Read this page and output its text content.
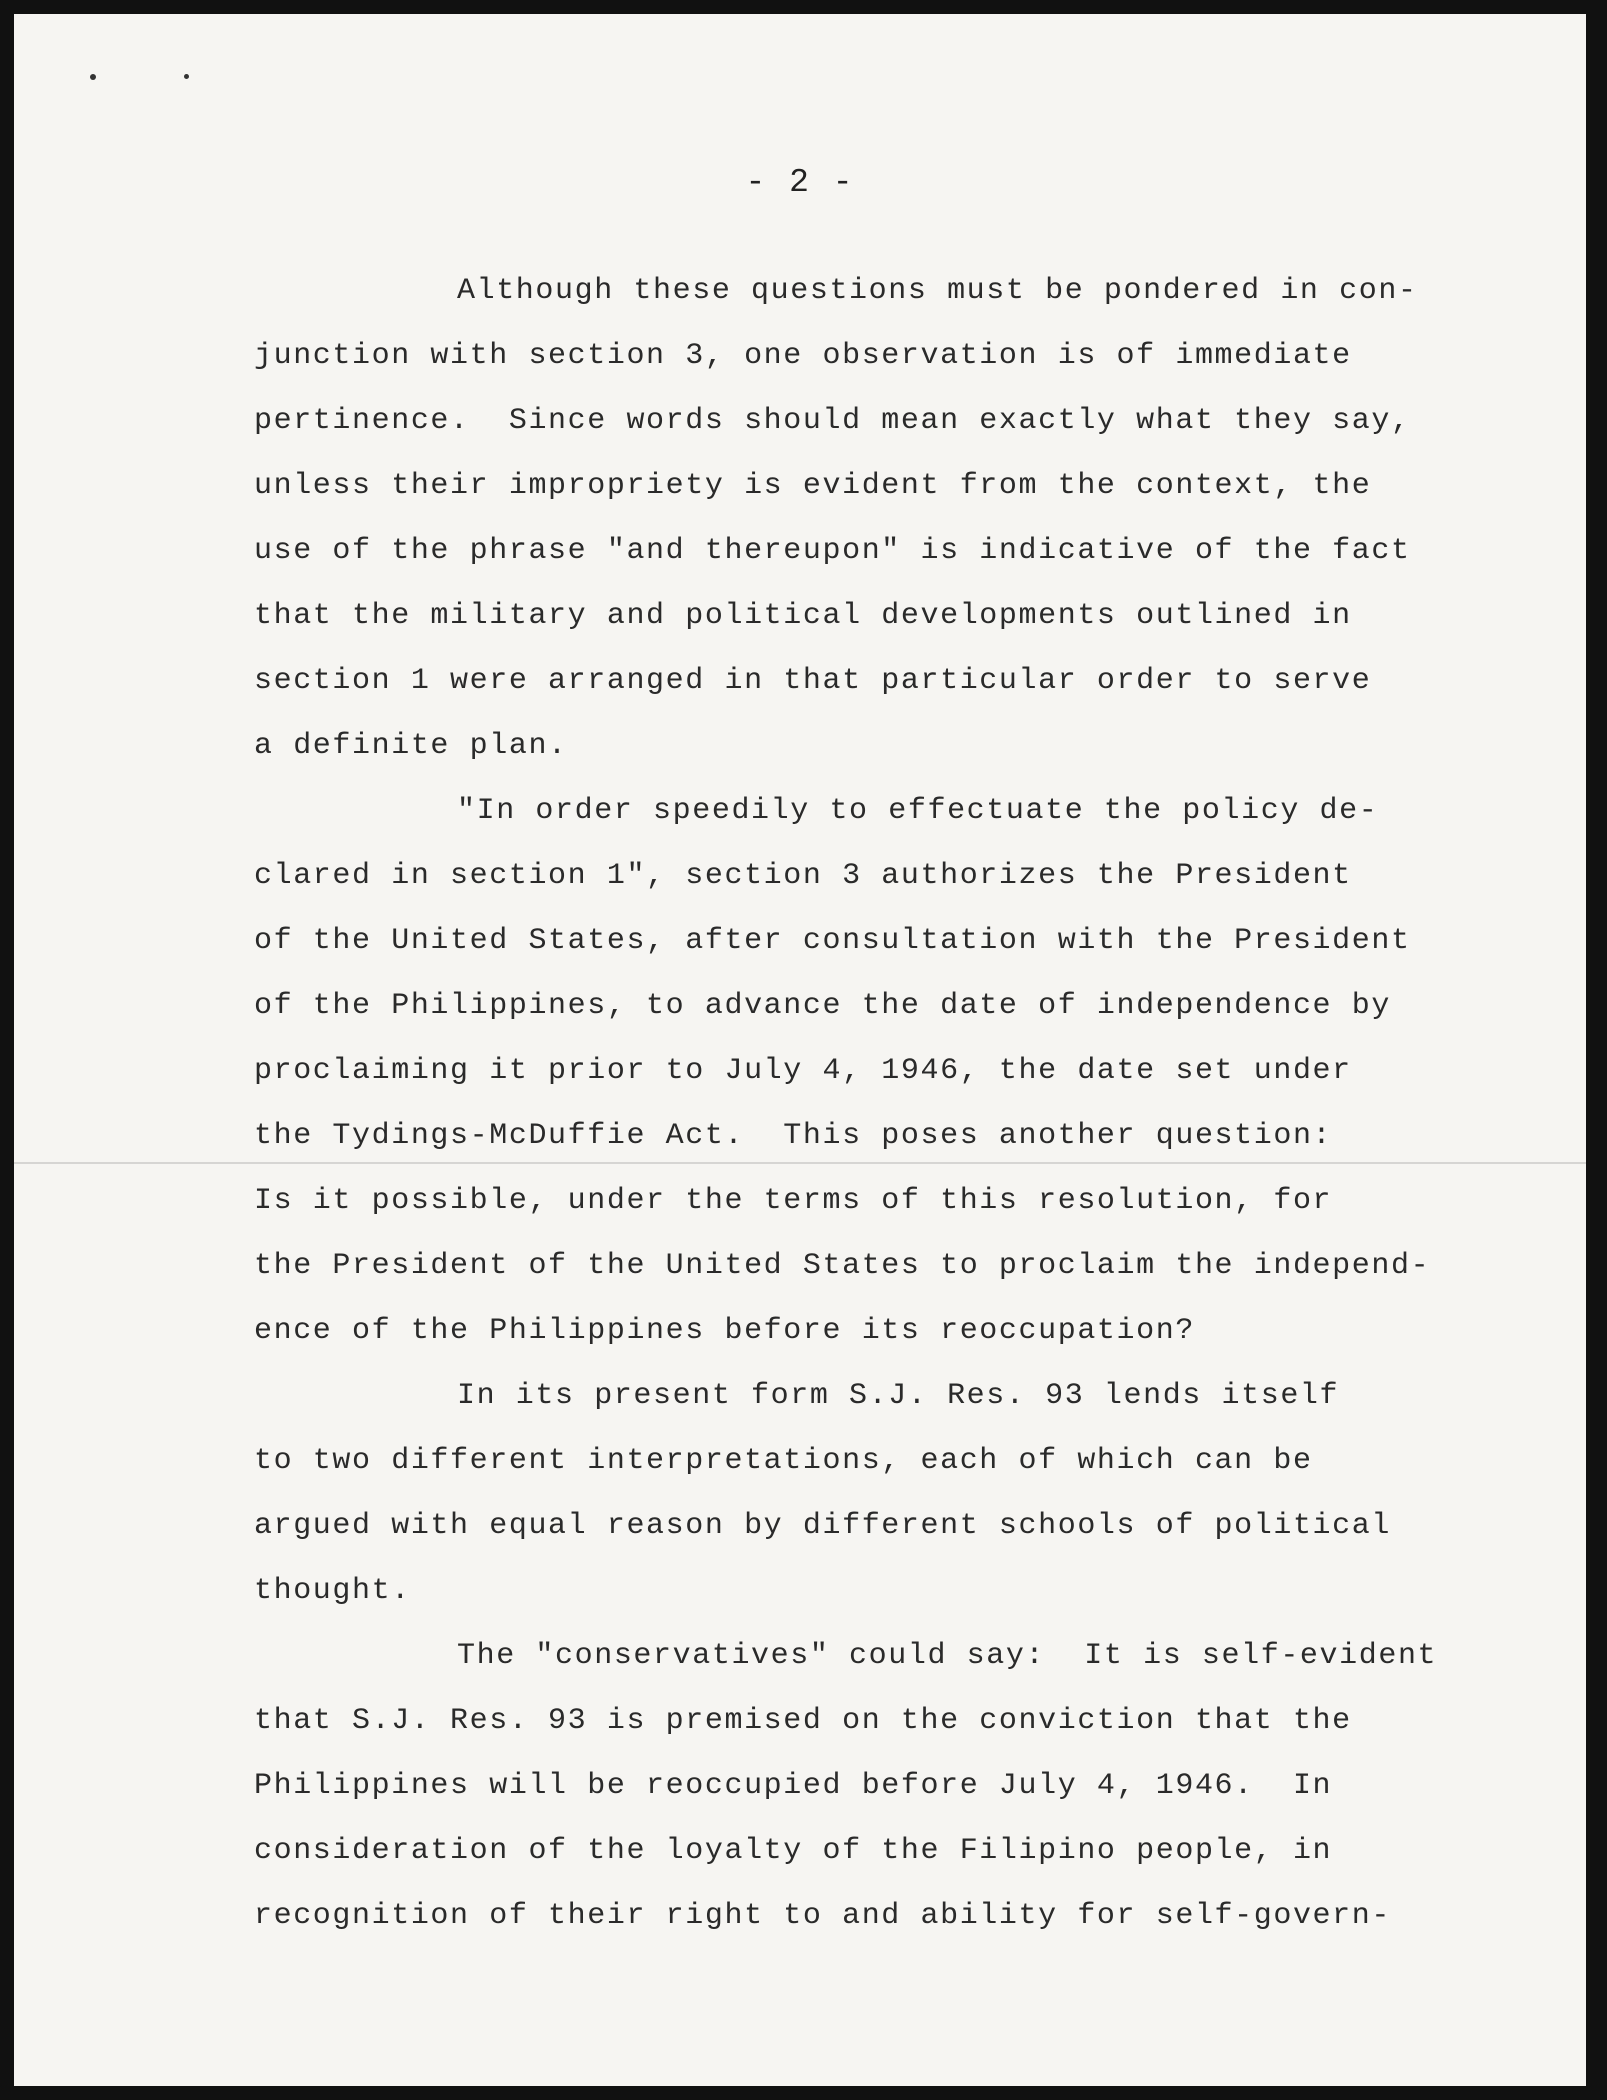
- 2 -
Although these questions must be pondered in con-
junction with section 3, one observation is of immediate
pertinence.  Since words should mean exactly what they say,
unless their impropriety is evident from the context, the
use of the phrase "and thereupon" is indicative of the fact
that the military and political developments outlined in
section 1 were arranged in that particular order to serve
a definite plan.
"In order speedily to effectuate the policy de-
clared in section 1", section 3 authorizes the President
of the United States, after consultation with the President
of the Philippines, to advance the date of independence by
proclaiming it prior to July 4, 1946, the date set under
the Tydings-McDuffie Act.  This poses another question:
Is it possible, under the terms of this resolution, for
the President of the United States to proclaim the independ-
ence of the Philippines before its reoccupation?
In its present form S.J. Res. 93 lends itself
to two different interpretations, each of which can be
argued with equal reason by different schools of political
thought.
The "conservatives" could say:  It is self-evident
that S.J. Res. 93 is premised on the conviction that the
Philippines will be reoccupied before July 4, 1946.  In
consideration of the loyalty of the Filipino people, in
recognition of their right to and ability for self-govern-
